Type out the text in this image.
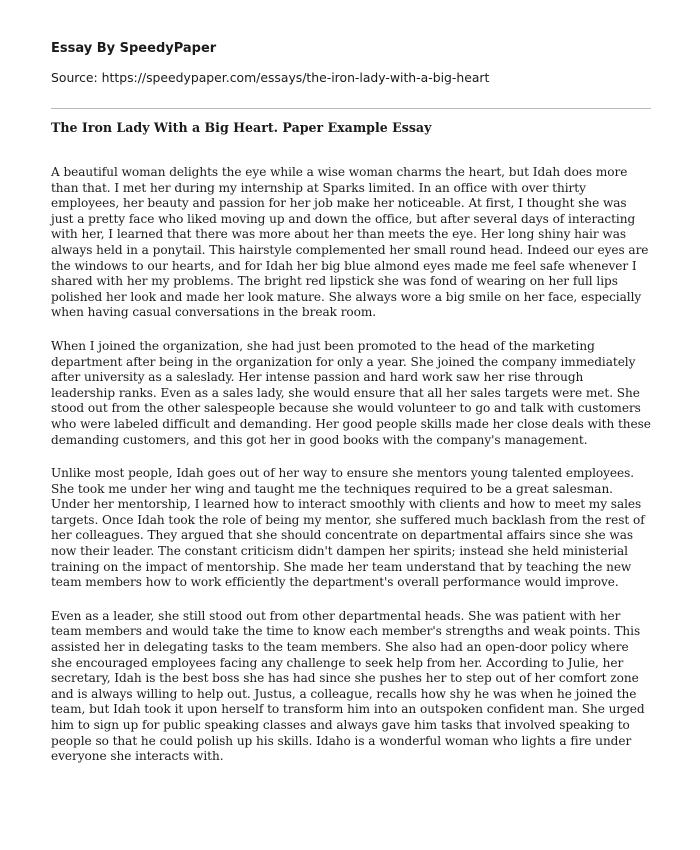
Essay By SpeedyPaper

Source: https://speedypaper.com/essays/the-iron-lady-with-a-big-heart

The Iron Lady With a Big Heart. Paper Example Essay

A beautiful woman delights the eye while a wise woman charms the heart, but Idah does more than that. I met her during my internship at Sparks limited. In an office with over thirty employees, her beauty and passion for her job make her noticeable. At first, I thought she was just a pretty face who liked moving up and down the office, but after several days of interacting with her, I learned that there was more about her than meets the eye. Her long shiny hair was always held in a ponytail. This hairstyle complemented her small round head. Indeed our eyes are the windows to our hearts, and for Idah her big blue almond eyes made me feel safe whenever I shared with her my problems. The bright red lipstick she was fond of wearing on her full lips polished her look and made her look mature. She always wore a big smile on her face, especially when having casual conversations in the break room.

When I joined the organization, she had just been promoted to the head of the marketing department after being in the organization for only a year. She joined the company immediately after university as a saleslady. Her intense passion and hard work saw her rise through leadership ranks. Even as a sales lady, she would ensure that all her sales targets were met. She stood out from the other salespeople because she would volunteer to go and talk with customers who were labeled difficult and demanding. Her good people skills made her close deals with these demanding customers, and this got her in good books with the company's management.

Unlike most people, Idah goes out of her way to ensure she mentors young talented employees. She took me under her wing and taught me the techniques required to be a great salesman. Under her mentorship, I learned how to interact smoothly with clients and how to meet my sales targets. Once Idah took the role of being my mentor, she suffered much backlash from the rest of her colleagues. They argued that she should concentrate on departmental affairs since she was now their leader. The constant criticism didn't dampen her spirits; instead she held ministerial training on the impact of mentorship. She made her team understand that by teaching the new team members how to work efficiently the department's overall performance would improve.

Even as a leader, she still stood out from other departmental heads. She was patient with her team members and would take the time to know each member's strengths and weak points. This assisted her in delegating tasks to the team members. She also had an open-door policy where she encouraged employees facing any challenge to seek help from her. According to Julie, her secretary, Idah is the best boss she has had since she pushes her to step out of her comfort zone and is always willing to help out. Justus, a colleague, recalls how shy he was when he joined the team, but Idah took it upon herself to transform him into an outspoken confident man. She urged him to sign up for public speaking classes and always gave him tasks that involved speaking to people so that he could polish up his skills. Idaho is a wonderful woman who lights a fire under everyone she interacts with.
